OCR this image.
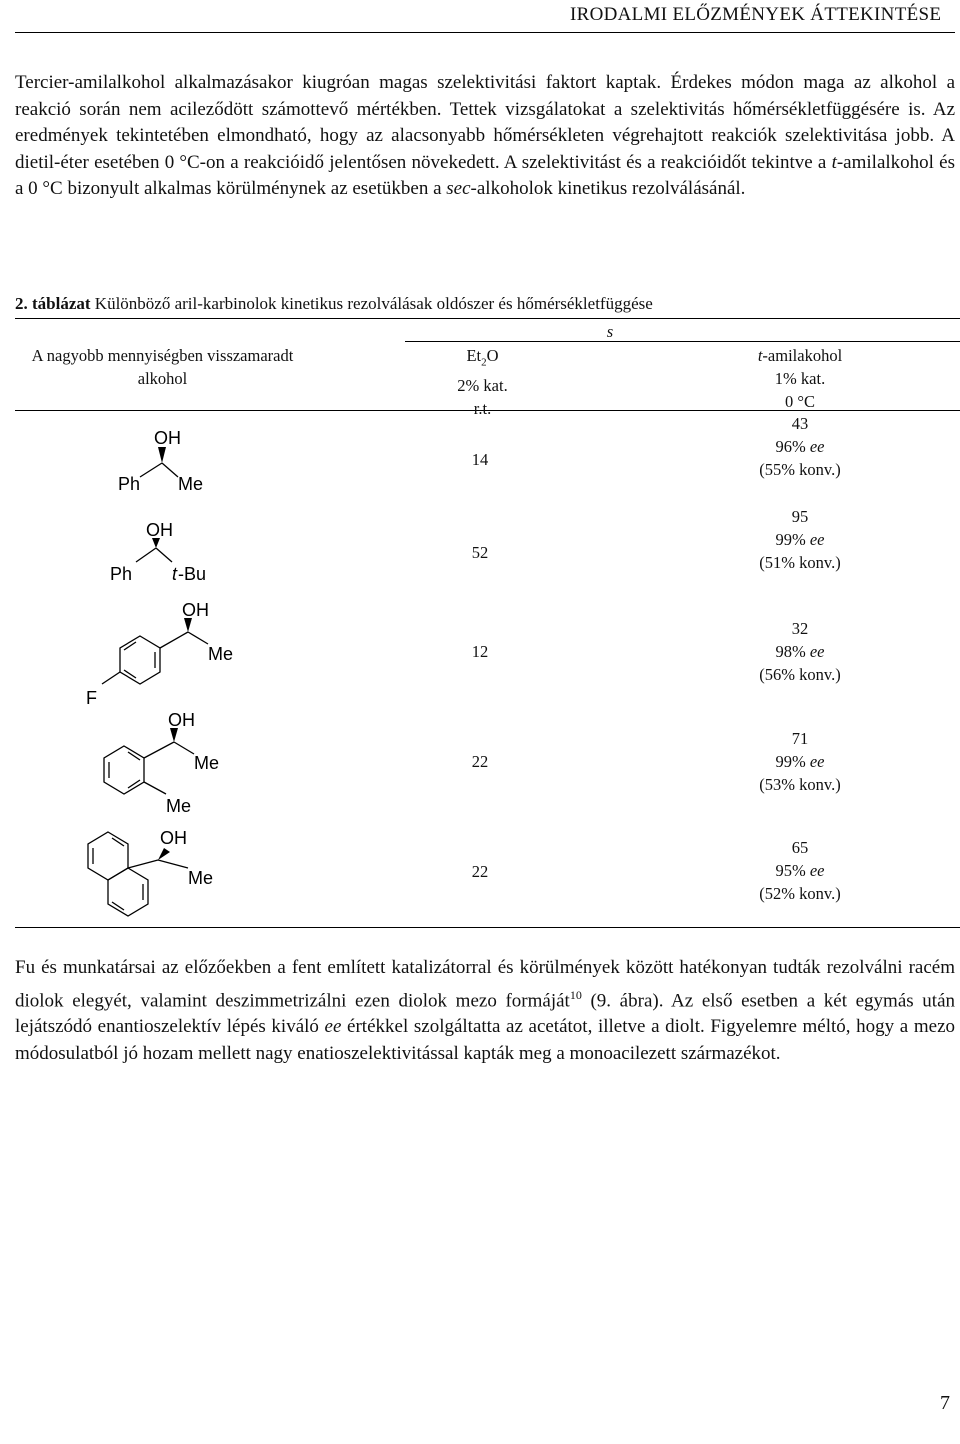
IRODALMI ELŐZMÉNYEK ÁTTEKINTÉSE

Tercier-amilalkohol alkalmazásakor kiugróan magas szelektivitási faktort kaptak. Érdekes módon maga az alkohol a reakció során nem acileződött számottevő mértékben. Tettek vizsgálatokat a szelektivitás hőmérsékletfüggésére is. Az eredmények tekintetében elmondható, hogy az alacsonyabb hőmérsékleten végrehajtott reakciók szelektivitása jobb. A dietil-éter esetében 0 °C-on a reakcióidő jelentősen növekedett. A szelektivitást és a reakcióidőt tekintve a t-amilalkohol és a 0 °C bizonyult alkalmas körülménynek az esetükben a sec-alkoholok kinetikus rezolválásánál.

2. táblázat Különböző aril-karbinolok kinetikus rezolválásak oldószer és hőmérsékletfüggése
s
A nagyobb mennyiségben visszamaradt alkohol
$Et_2O$
2% kat.
r.t.
t-amilakohol
1% kat.
0 °C
14
43
96% ee
(55% konv.)
52
95
99% ee
(51% konv.)
12
32
98% ee
(56% konv.)
22
71
99% ee
(53% konv.)
22
65
95% ee
(52% konv.)
OH
Ph Me
OH
Ph t -Bu
OH
Me
F
OH
Me
Me
OH
Me

Fu és munkatársai az előzőekben a fent említett katalizátorral és körülmények között hatékonyan tudták rezolválni racém diolok elegyét, valamint deszimmetrizálni ezen diolok mezo formáját$^{10}$ (9. ábra). Az első esetben a két egymás után lejátszódó enantioszelektív lépés kiváló ee értékkel szolgáltatta az acetátot, illetve a diolt. Figyelemre méltó, hogy a mezo módosulatból jó hozam mellett nagy enatioszelektivitással kapták meg a monoacilezett származékot.

7
